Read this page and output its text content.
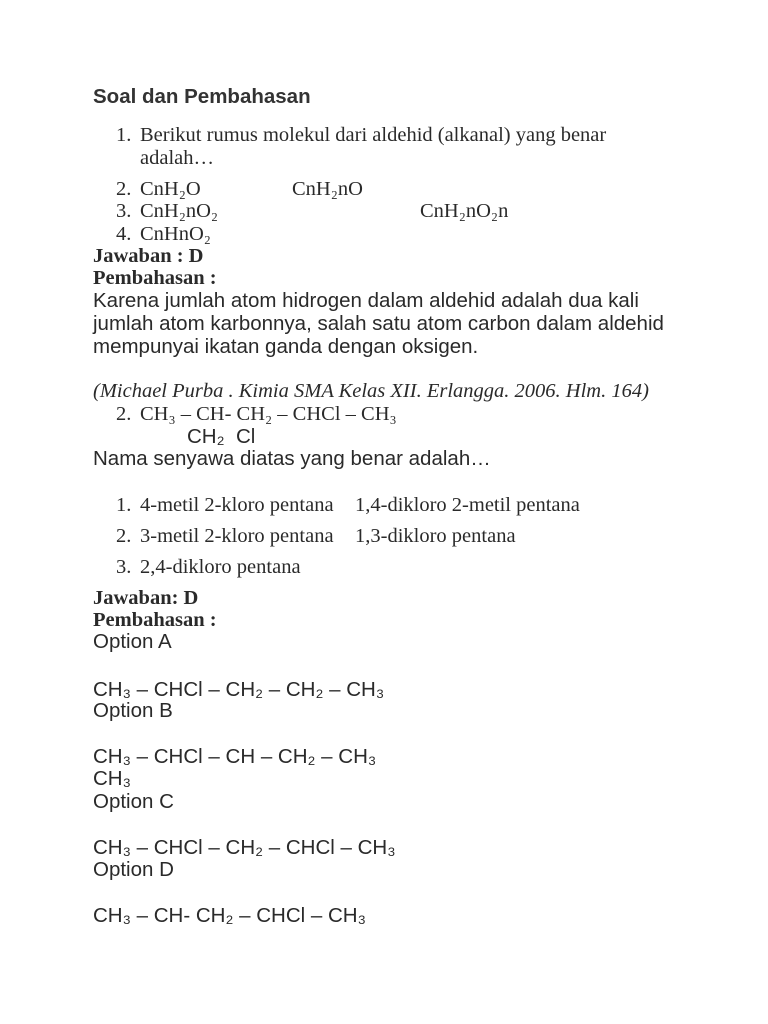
Soal dan Pembahasan
1. Berikut rumus molekul dari aldehid (alkanal) yang benar adalah…
2. CnH₂O	CnH₂nO
3. CnH₂nO₂	CnH₂nO₂n
4. CnHnO₂
Jawaban : D
Pembahasan :
Karena jumlah atom hidrogen dalam aldehid adalah dua kali jumlah atom karbonnya, salah satu atom carbon dalam aldehid mempunyai ikatan ganda dengan oksigen.
(Michael Purba . Kimia SMA Kelas XII. Erlangga. 2006. Hlm. 164)
2. CH₃ – CH- CH₂ – CHCl – CH₃
CH₂  Cl
Nama senyawa diatas yang benar adalah…
1. 4-metil 2-kloro pentana 1,4-dikloro 2-metil pentana
2. 3-metil 2-kloro pentana 1,3-dikloro pentana
3. 2,4-dikloro pentana
Jawaban: D
Pembahasan :
Option A
CH₃ – CHCl – CH₂ – CH₂ – CH₃
Option B
CH₃ – CHCl – CH – CH₂ – CH₃
CH₃
Option C
CH₃ – CHCl – CH₂ – CHCl – CH₃
Option D
CH₃ – CH- CH₂ – CHCl – CH₃
